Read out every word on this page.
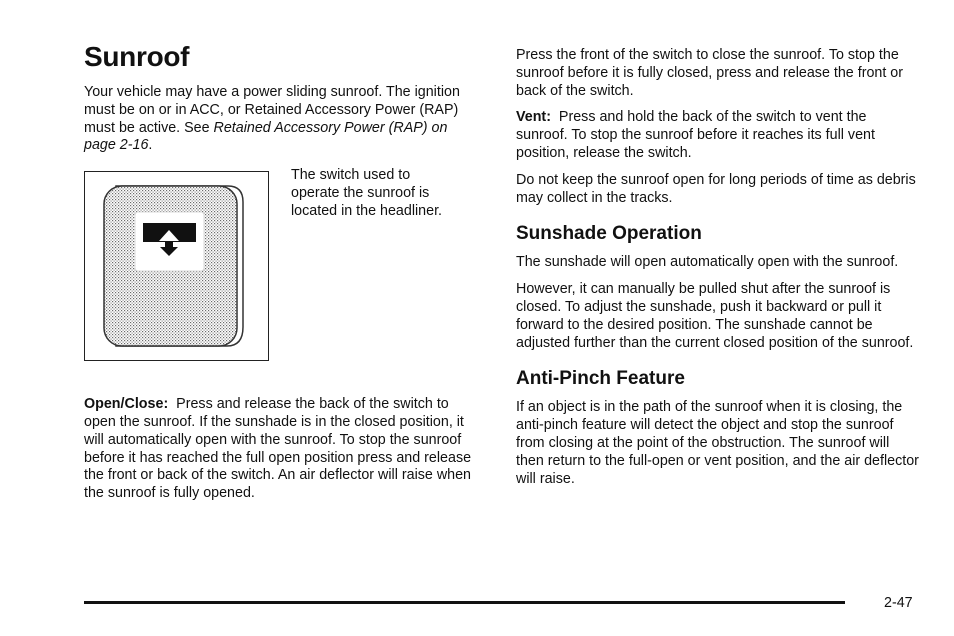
Sunroof

Your vehicle may have a power sliding sunroof. The ignition must be on or in ACC, or Retained Accessory Power (RAP) must be active. See Retained Accessory Power (RAP) on page 2-16.

The switch used to operate the sunroof is located in the headliner.

Open/Close: Press and release the back of the switch to open the sunroof. If the sunshade is in the closed position, it will automatically open with the sunroof. To stop the sunroof before it has reached the full open position press and release the front or back of the switch. An air deflector will raise when the sunroof is fully opened.

Press the front of the switch to close the sunroof. To stop the sunroof before it is fully closed, press and release the front or back of the switch.

Vent: Press and hold the back of the switch to vent the sunroof. To stop the sunroof before it reaches its full vent position, release the switch.

Do not keep the sunroof open for long periods of time as debris may collect in the tracks.

Sunshade Operation

The sunshade will open automatically open with the sunroof.

However, it can manually be pulled shut after the sunroof is closed. To adjust the sunshade, push it backward or pull it forward to the desired position. The sunshade cannot be adjusted further than the current closed position of the sunroof.

Anti-Pinch Feature

If an object is in the path of the sunroof when it is closing, the anti-pinch feature will detect the object and stop the sunroof from closing at the point of the obstruction. The sunroof will then return to the full-open or vent position, and the air deflector will raise.

2-47
